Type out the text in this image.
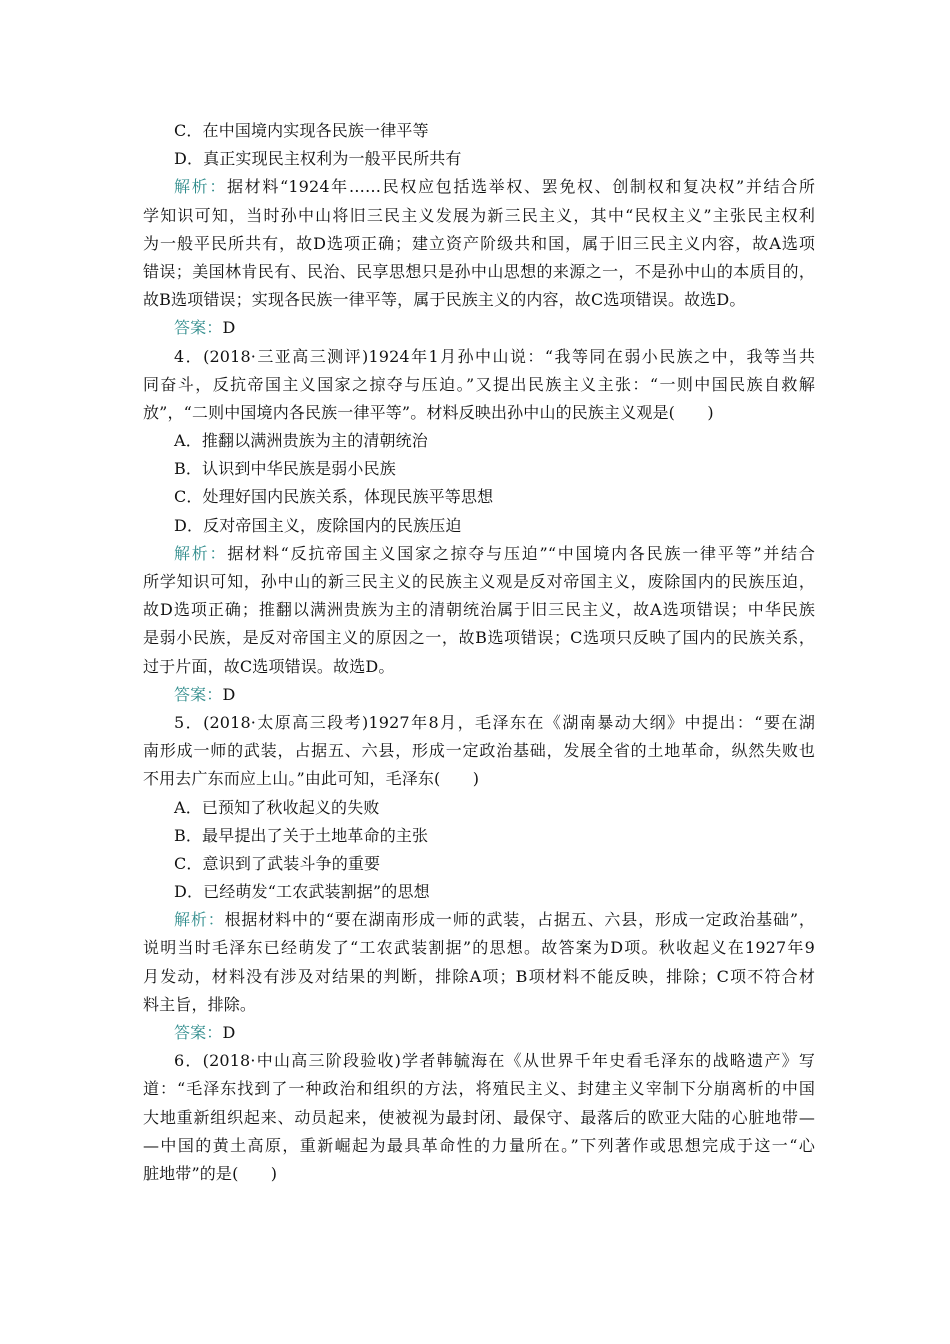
C．在中国境内实现各民族一律平等
D．真正实现民主权利为一般平民所共有
解析：据材料“1924年……民权应包括选举权、罢免权、创制权和复决权”并结合所
学知识可知，当时孙中山将旧三民主义发展为新三民主义，其中“民权主义”主张民主权利
为一般平民所共有，故D选项正确；建立资产阶级共和国，属于旧三民主义内容，故A选项
错误；美国林肯民有、民治、民享思想只是孙中山思想的来源之一，不是孙中山的本质目的，
故B选项错误；实现各民族一律平等，属于民族主义的内容，故C选项错误。故选D。
答案：D
4．(2018·三亚高三测评)1924年1月孙中山说：“我等同在弱小民族之中，我等当共
同奋斗，反抗帝国主义国家之掠夺与压迫。”又提出民族主义主张：“一则中国民族自救解
放”，“二则中国境内各民族一律平等”。材料反映出孙中山的民族主义观是(　　)
A．推翻以满洲贵族为主的清朝统治
B．认识到中华民族是弱小民族
C．处理好国内民族关系，体现民族平等思想
D．反对帝国主义，废除国内的民族压迫
解析：据材料“反抗帝国主义国家之掠夺与压迫”“中国境内各民族一律平等”并结合
所学知识可知，孙中山的新三民主义的民族主义观是反对帝国主义，废除国内的民族压迫，
故D选项正确；推翻以满洲贵族为主的清朝统治属于旧三民主义，故A选项错误；中华民族
是弱小民族，是反对帝国主义的原因之一，故B选项错误；C选项只反映了国内的民族关系，
过于片面，故C选项错误。故选D。
答案：D
5．(2018·太原高三段考)1927年8月，毛泽东在《湖南暴动大纲》中提出：“要在湖
南形成一师的武装，占据五、六县，形成一定政治基础，发展全省的土地革命，纵然失败也
不用去广东而应上山。”由此可知，毛泽东(　　)
A．已预知了秋收起义的失败
B．最早提出了关于土地革命的主张
C．意识到了武装斗争的重要
D．已经萌发“工农武装割据”的思想
解析：根据材料中的“要在湖南形成一师的武装，占据五、六县，形成一定政治基础”，
说明当时毛泽东已经萌发了“工农武装割据”的思想。故答案为D项。秋收起义在1927年9
月发动，材料没有涉及对结果的判断，排除A项；B项材料不能反映，排除；C项不符合材
料主旨，排除。
答案：D
6．(2018·中山高三阶段验收)学者韩毓海在《从世界千年史看毛泽东的战略遗产》写
道：“毛泽东找到了一种政治和组织的方法，将殖民主义、封建主义宰制下分崩离析的中国
大地重新组织起来、动员起来，使被视为最封闭、最保守、最落后的欧亚大陆的心脏地带—
—中国的黄土高原，重新崛起为最具革命性的力量所在。”下列著作或思想完成于这一“心
脏地带”的是(　　)
